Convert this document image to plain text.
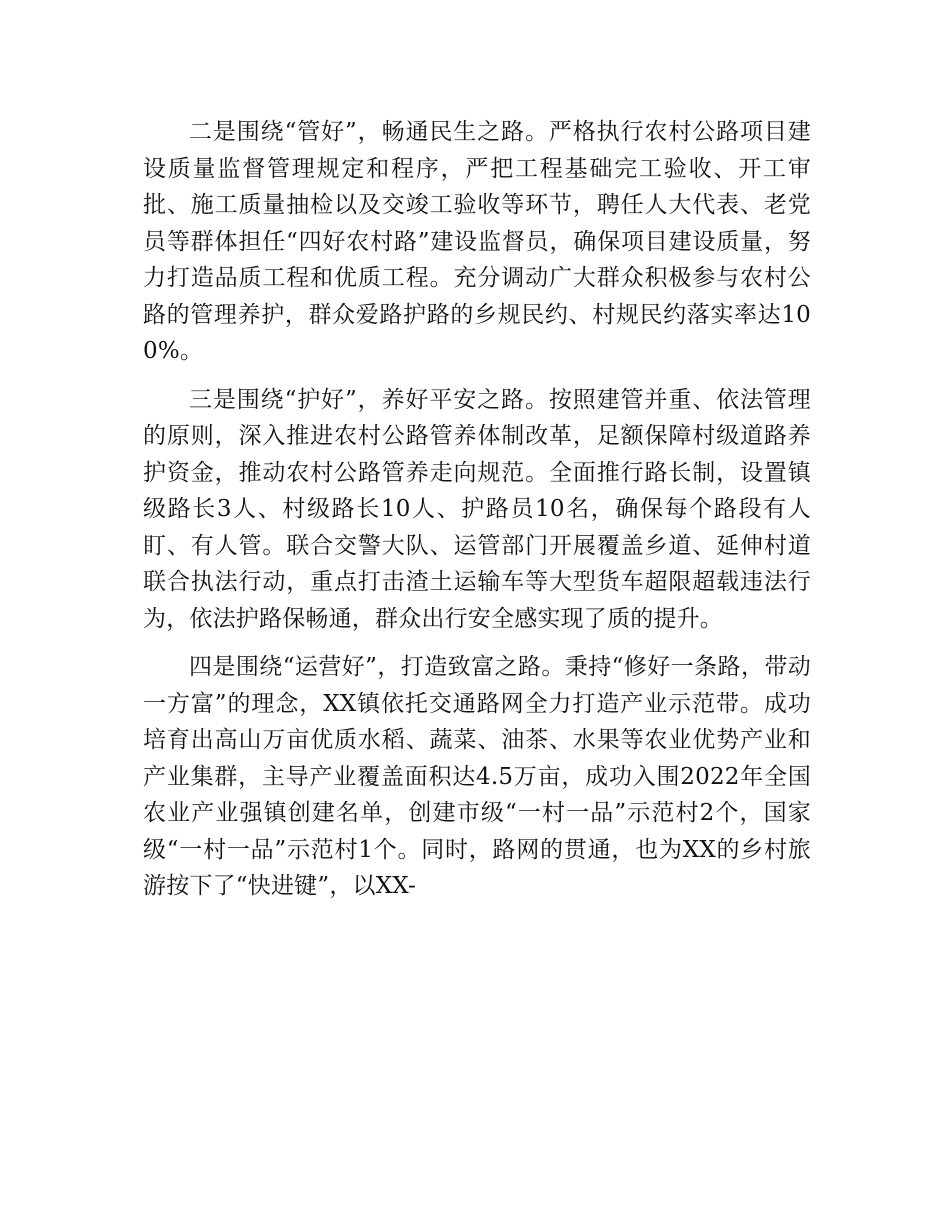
二是围绕“管好”，畅通民生之路。严格执行农村公路项目建设质量监督管理规定和程序，严把工程基础完工验收、开工审批、施工质量抽检以及交竣工验收等环节，聘任人大代表、老党员等群体担任“四好农村路”建设监督员，确保项目建设质量，努力打造品质工程和优质工程。充分调动广大群众积极参与农村公路的管理养护，群众爱路护路的乡规民约、村规民约落实率达100%。

三是围绕“护好”，养好平安之路。按照建管并重、依法管理的原则，深入推进农村公路管养体制改革，足额保障村级道路养护资金，推动农村公路管养走向规范。全面推行路长制，设置镇级路长3人、村级路长10人、护路员10名，确保每个路段有人盯、有人管。联合交警大队、运管部门开展覆盖乡道、延伸村道联合执法行动，重点打击渣土运输车等大型货车超限超载违法行为，依法护路保畅通，群众出行安全感实现了质的提升。

四是围绕“运营好”，打造致富之路。秉持“修好一条路，带动一方富”的理念，XX镇依托交通路网全力打造产业示范带。成功培育出高山万亩优质水稻、蔬菜、油茶、水果等农业优势产业和产业集群，主导产业覆盖面积达4.5万亩，成功入围2022年全国农业产业强镇创建名单，创建市级“一村一品”示范村2个，国家级“一村一品”示范村1个。同时，路网的贯通，也为XX的乡村旅游按下了“快进键”，以XX-
